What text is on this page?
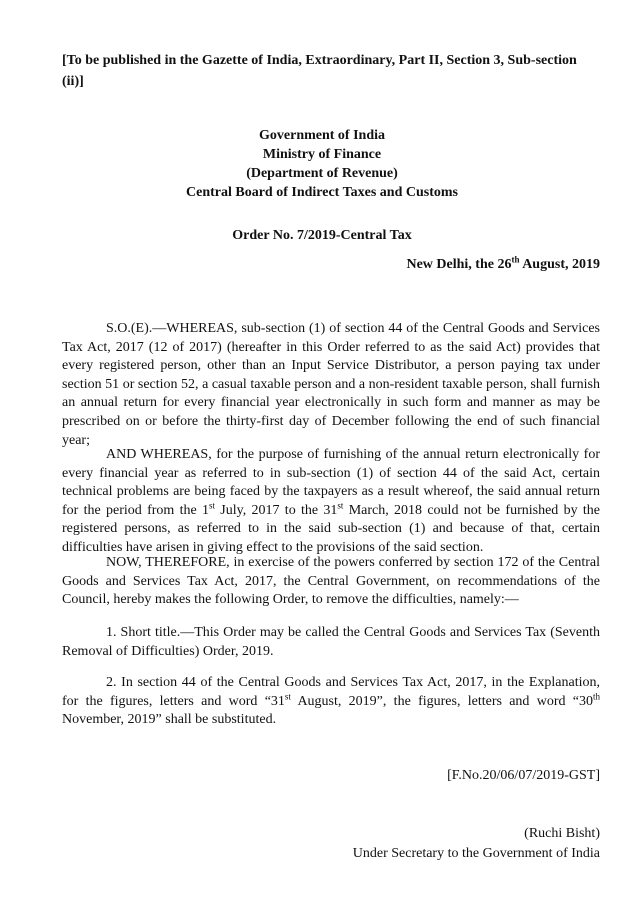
[To be published in the Gazette of India, Extraordinary, Part II, Section 3, Sub-section (ii)]
Government of India
Ministry of Finance
(Department of Revenue)
Central Board of Indirect Taxes and Customs
Order No. 7/2019-Central Tax
New Delhi, the 26th August, 2019

S.O.(E).—WHEREAS, sub-section (1) of section 44 of the Central Goods and Services Tax Act, 2017 (12 of 2017) (hereafter in this Order referred to as the said Act) provides that every registered person, other than an Input Service Distributor, a person paying tax under section 51 or section 52, a casual taxable person and a non-resident taxable person, shall furnish an annual return for every financial year electronically in such form and manner as may be prescribed on or before the thirty-first day of December following the end of such financial year;

AND WHEREAS, for the purpose of furnishing of the annual return electronically for every financial year as referred to in sub-section (1) of section 44 of the said Act, certain technical problems are being faced by the taxpayers as a result whereof, the said annual return for the period from the 1st July, 2017 to the 31st March, 2018 could not be furnished by the registered persons, as referred to in the said sub-section (1) and because of that, certain difficulties have arisen in giving effect to the provisions of the said section.

NOW, THEREFORE, in exercise of the powers conferred by section 172 of the Central Goods and Services Tax Act, 2017, the Central Government, on recommendations of the Council, hereby makes the following Order, to remove the difficulties, namely:—

1. Short title.—This Order may be called the Central Goods and Services Tax (Seventh Removal of Difficulties) Order, 2019.

2. In section 44 of the Central Goods and Services Tax Act, 2017, in the Explanation, for the figures, letters and word “31st August, 2019”, the figures, letters and word “30th November, 2019” shall be substituted.

[F.No.20/06/07/2019-GST]
(Ruchi Bisht)
Under Secretary to the Government of India
